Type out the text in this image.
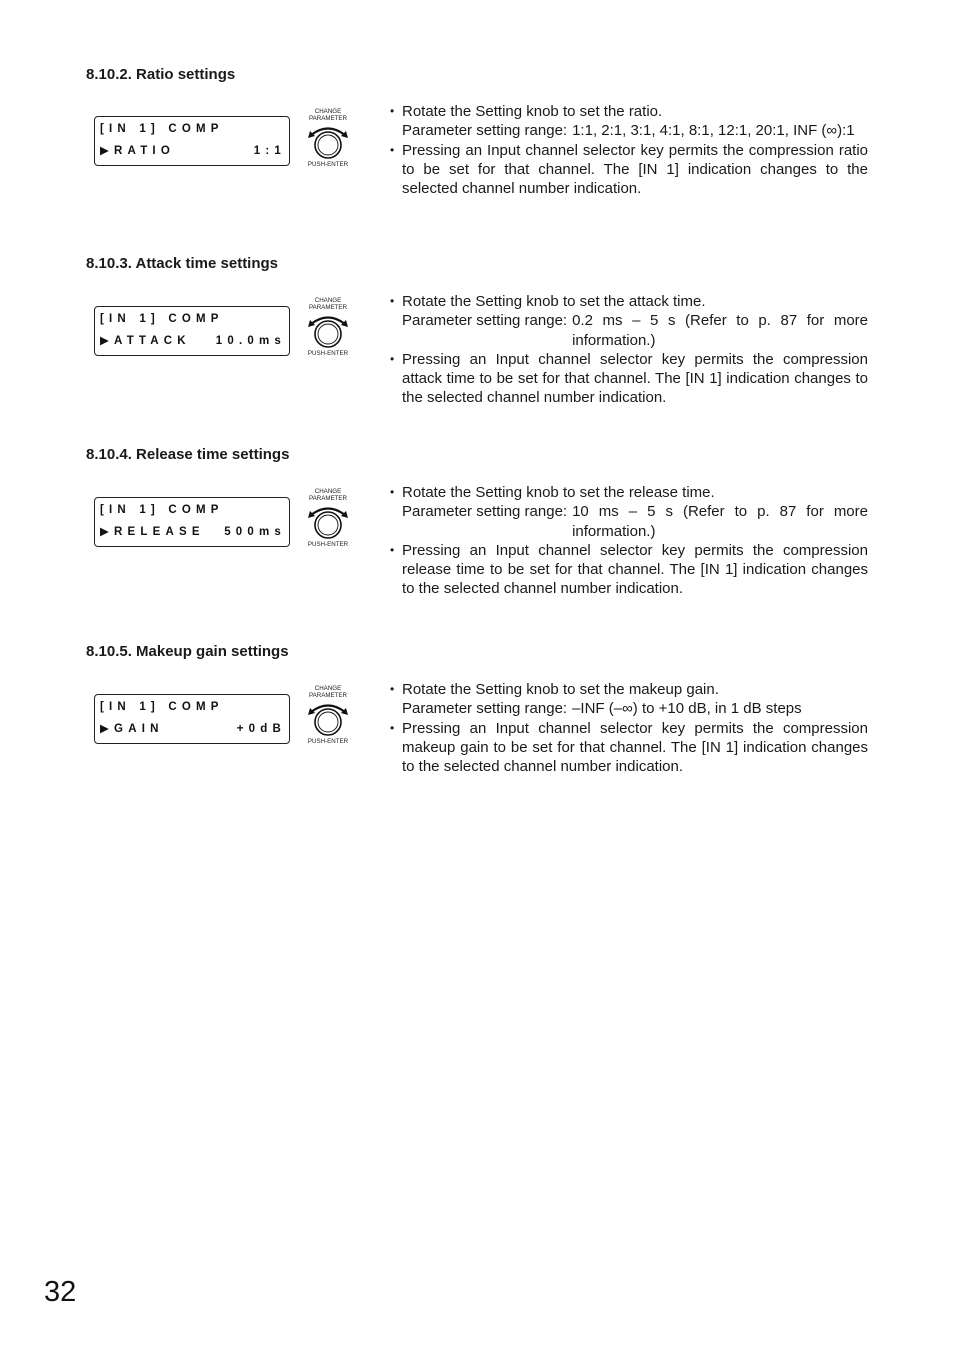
8.10.2. Ratio settings
[IN 1] COMP
▶RATIO	1:1
CHANGE
PARAMETER
PUSH-ENTER
• Rotate the Setting knob to set the ratio.
Parameter setting range: 1:1, 2:1, 3:1, 4:1, 8:1, 12:1, 20:1, INF (∞):1
• Pressing an Input channel selector key permits the compression ratio to be set for that channel. The [IN 1] indication changes to the selected channel number indication.
8.10.3. Attack time settings
[IN 1] COMP
▶ATTACK 10.0ms
CHANGE
PARAMETER
PUSH-ENTER
• Rotate the Setting knob to set the attack time.
Parameter setting range: 0.2 ms – 5 s (Refer to p. 87 for more information.)
• Pressing an Input channel selector key permits the compression attack time to be set for that channel. The [IN 1] indication changes to the selected channel number indication.
8.10.4. Release time settings
[IN 1] COMP
▶RELEASE 500ms
CHANGE
PARAMETER
PUSH-ENTER
• Rotate the Setting knob to set the release time.
Parameter setting range: 10 ms – 5 s (Refer to p. 87 for more information.)
• Pressing an Input channel selector key permits the compression release time to be set for that channel. The [IN 1] indication changes to the selected channel number indication.
8.10.5. Makeup gain settings
[IN 1] COMP
▶GAIN	+0dB
CHANGE
PARAMETER
PUSH-ENTER
• Rotate the Setting knob to set the makeup gain.
Parameter setting range: –INF (–∞) to +10 dB, in 1 dB steps
• Pressing an Input channel selector key permits the compression makeup gain to be set for that channel. The [IN 1] indication changes to the selected channel number indication.
32
